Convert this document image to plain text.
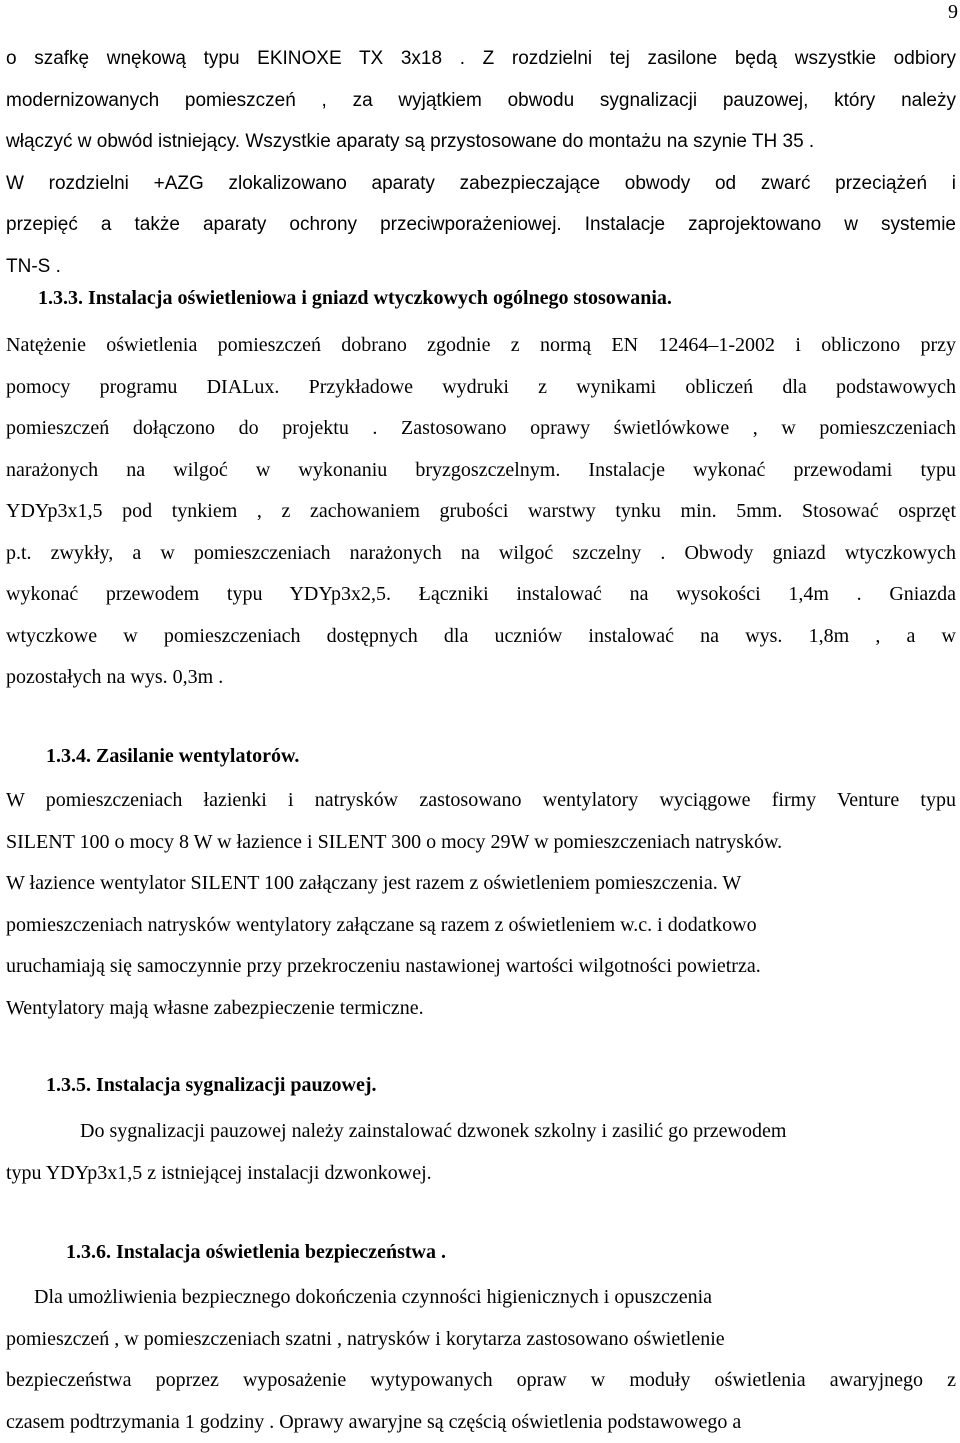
9
o szafkę wnękową typu EKINOXE TX 3x18 . Z rozdzielni tej zasilone będą wszystkie odbiory
modernizowanych pomieszczeń , za wyjątkiem obwodu sygnalizacji pauzowej, który należy
włączyć w obwód istniejący. Wszystkie aparaty są przystosowane do montażu na szynie TH 35 .
W rozdzielni +AZG zlokalizowano aparaty zabezpieczające obwody od zwarć przeciążeń i
przepięć a także aparaty ochrony przeciwporażeniowej. Instalacje zaprojektowano w systemie
TN-S .
1.3.3. Instalacja oświetleniowa i gniazd wtyczkowych ogólnego stosowania.
Natężenie oświetlenia pomieszczeń dobrano zgodnie z normą EN 12464–1-2002 i obliczono przy
pomocy programu DIALux. Przykładowe wydruki z wynikami obliczeń dla podstawowych
pomieszczeń dołączono do projektu . Zastosowano oprawy świetlówkowe , w pomieszczeniach
narażonych na wilgoć w wykonaniu bryzgoszczelnym. Instalacje wykonać przewodami typu
YDYp3x1,5 pod tynkiem , z zachowaniem grubości warstwy tynku min. 5mm. Stosować osprzęt
p.t. zwykły, a w pomieszczeniach narażonych na wilgoć szczelny . Obwody gniazd wtyczkowych
wykonać przewodem typu YDYp3x2,5. Łączniki instalować na wysokości 1,4m . Gniazda
wtyczkowe w pomieszczeniach dostępnych dla uczniów instalować na wys. 1,8m , a w
pozostałych na wys. 0,3m .
1.3.4. Zasilanie wentylatorów.
W pomieszczeniach łazienki i natrysków zastosowano wentylatory wyciągowe firmy Venture typu
SILENT 100 o mocy 8 W w łazience i SILENT 300 o mocy 29W w pomieszczeniach natrysków.
W łazience wentylator SILENT 100 załączany jest razem z oświetleniem pomieszczenia. W
pomieszczeniach natrysków wentylatory załączane są razem z oświetleniem w.c. i dodatkowo
uruchamiają się samoczynnie przy przekroczeniu nastawionej wartości wilgotności powietrza.
Wentylatory mają własne zabezpieczenie termiczne.
1.3.5. Instalacja sygnalizacji pauzowej.
Do sygnalizacji pauzowej należy zainstalować dzwonek szkolny i zasilić go przewodem
typu YDYp3x1,5 z istniejącej instalacji dzwonkowej.
1.3.6. Instalacja oświetlenia bezpieczeństwa .
Dla umożliwienia bezpiecznego dokończenia czynności higienicznych i opuszczenia
pomieszczeń , w pomieszczeniach szatni , natrysków i korytarza zastosowano oświetlenie
bezpieczeństwa poprzez wyposażenie wytypowanych opraw w moduły oświetlenia awaryjnego z
czasem podtrzymania 1 godziny . Oprawy awaryjne są częścią oświetlenia podstawowego a
